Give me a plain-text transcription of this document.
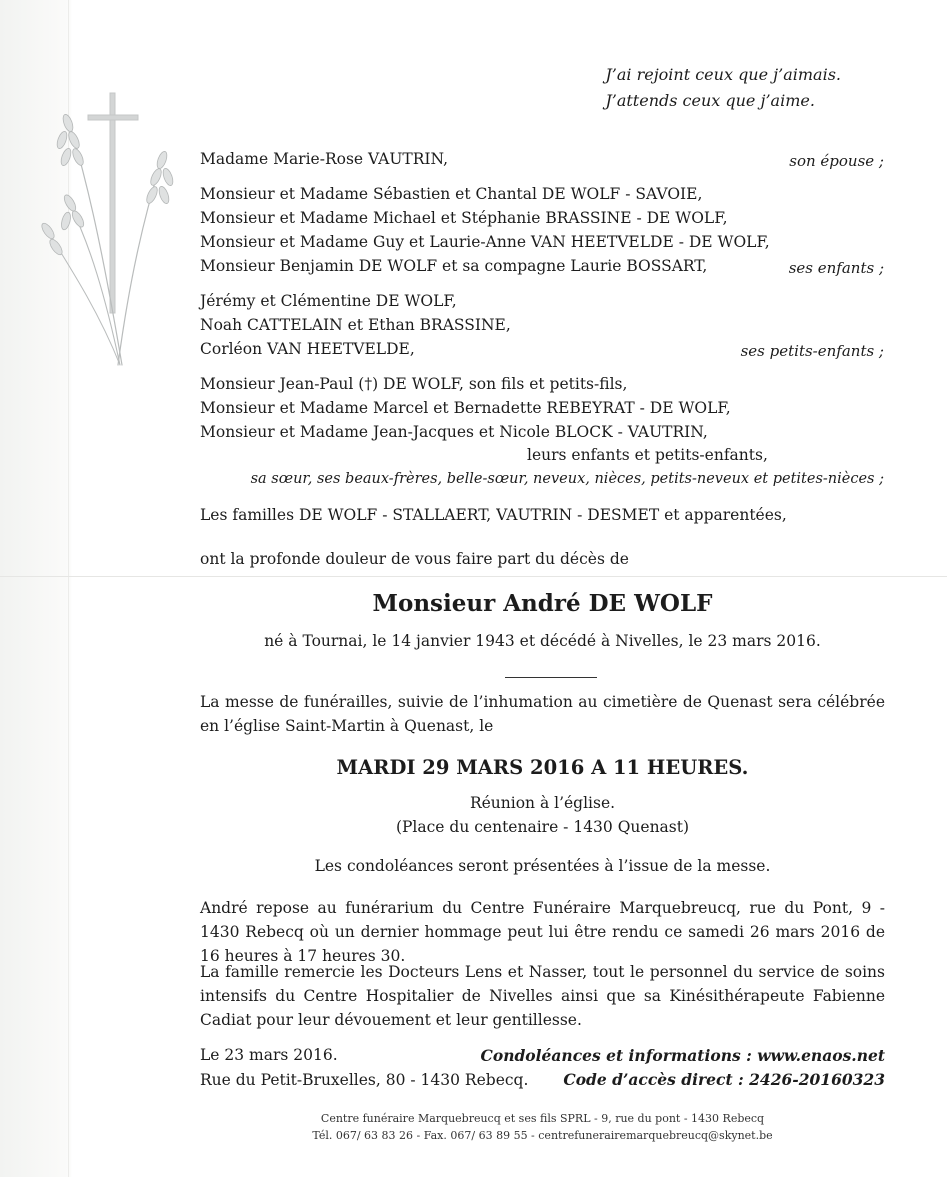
J’ai rejoint ceux que j’aimais.
J’attends ceux que j’aime.
Madame Marie-Rose VAUTRIN,	son épouse ;
Monsieur et Madame Sébastien et Chantal DE WOLF - SAVOIE,
Monsieur et Madame Michael et Stéphanie BRASSINE - DE WOLF,
Monsieur et Madame Guy et Laurie-Anne VAN HEETVELDE - DE WOLF,
Monsieur Benjamin DE WOLF et sa compagne Laurie BOSSART,	ses enfants ;
Jérémy et Clémentine DE WOLF,
Noah CATTELAIN et Ethan BRASSINE,
Corléon VAN HEETVELDE,	ses petits-enfants ;
Monsieur Jean-Paul (†) DE WOLF, son fils et petits-fils,
Monsieur et Madame Marcel et Bernadette REBEYRAT - DE WOLF,
Monsieur et Madame Jean-Jacques et Nicole BLOCK - VAUTRIN,
leurs enfants et petits-enfants,
sa sœur, ses beaux-frères, belle-sœur, neveux, nièces, petits-neveux et petites-nièces ;
Les familles DE WOLF - STALLAERT, VAUTRIN - DESMET et apparentées,
ont la profonde douleur de vous faire part du décès de
Monsieur André DE WOLF
né à Tournai, le 14 janvier 1943 et décédé à Nivelles, le 23 mars 2016.
La messe de funérailles, suivie de l’inhumation au cimetière de Quenast sera célébrée en l’église Saint-Martin à Quenast, le
MARDI 29 MARS 2016 A 11 HEURES.
Réunion à l’église.
(Place du centenaire - 1430 Quenast)
Les condoléances seront présentées à l’issue de la messe.
André repose au funérarium du Centre Funéraire Marquebreucq, rue du Pont, 9 - 1430 Rebecq où un dernier hommage peut lui être rendu ce samedi 26 mars 2016 de 16 heures à 17 heures 30.
La famille remercie les Docteurs Lens et Nasser, tout le personnel du service de soins intensifs du Centre Hospitalier de Nivelles ainsi que sa Kinésithérapeute Fabienne Cadiat pour leur dévouement et leur gentillesse.
Le 23 mars 2016.
Rue du Petit-Bruxelles, 80 - 1430 Rebecq.
Condoléances et informations : www.enaos.net
Code d’accès direct : 2426-20160323
Centre funéraire Marquebreucq et ses fils SPRL - 9, rue du pont - 1430 Rebecq
Tél. 067/ 63 83 26 - Fax. 067/ 63 89 55 - centrefunerairemarquebreucq@skynet.be
